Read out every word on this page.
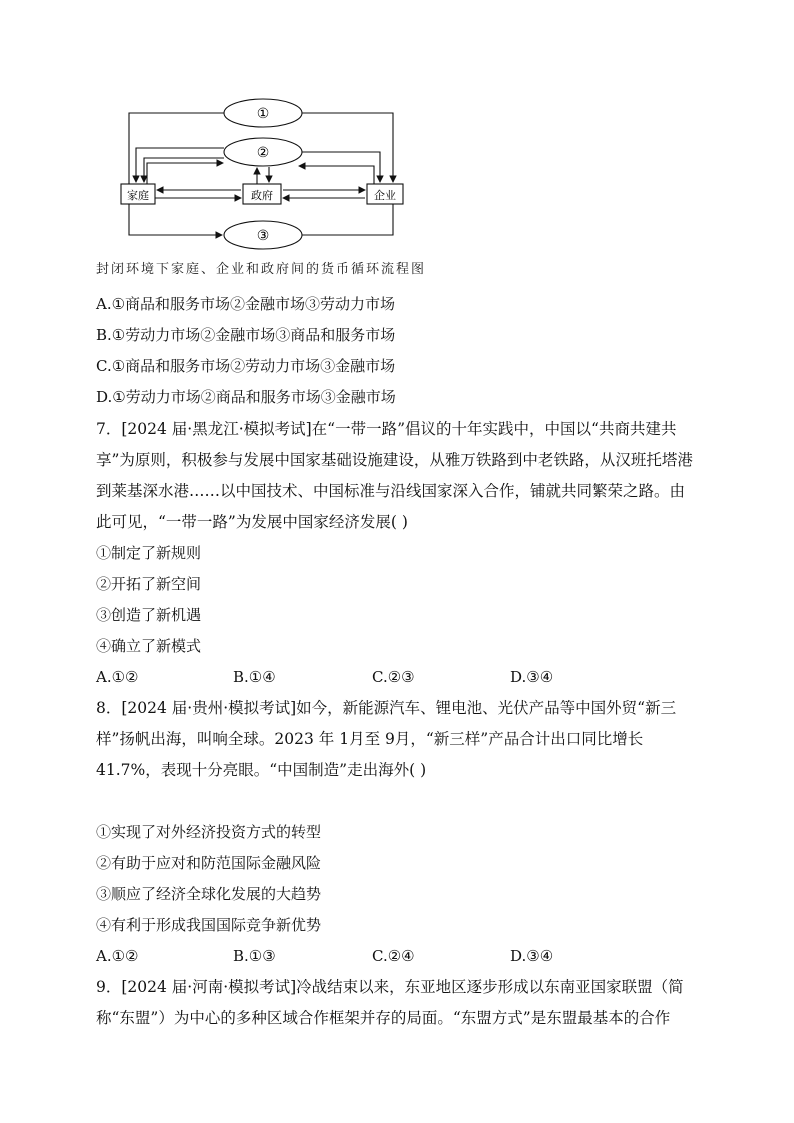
①
②
③
家庭	政府	企业
封闭环境下家庭、企业和政府间的货币循环流程图
A.①商品和服务市场②金融市场③劳动力市场
B.①劳动力市场②金融市场③商品和服务市场
C.①商品和服务市场②劳动力市场③金融市场
D.①劳动力市场②商品和服务市场③金融市场
7．[2024 届·黑龙江·模拟考试]在“一带一路”倡议的十年实践中，中国以“共商共建共享”为原则，积极参与发展中国家基础设施建设，从雅万铁路到中老铁路，从汉班托塔港到莱基深水港……以中国技术、中国标准与沿线国家深入合作，铺就共同繁荣之路。由此可见，“一带一路”为发展中国家经济发展( )
①制定了新规则
②开拓了新空间
③创造了新机遇
④确立了新模式
A.①②	B.①④	C.②③	D.③④
8．[2024 届·贵州·模拟考试]如今，新能源汽车、锂电池、光伏产品等中国外贸“新三样”扬帆出海，叫响全球。2023 年 1月至 9月，“新三样”产品合计出口同比增长41.7%，表现十分亮眼。“中国制造”走出海外( )
①实现了对外经济投资方式的转型
②有助于应对和防范国际金融风险
③顺应了经济全球化发展的大趋势
④有利于形成我国国际竞争新优势
A.①②	B.①③	C.②④	D.③④
9．[2024 届·河南·模拟考试]冷战结束以来，东亚地区逐步形成以东南亚国家联盟（简称“东盟”）为中心的多种区域合作框架并存的局面。“东盟方式”是东盟最基本的合作
